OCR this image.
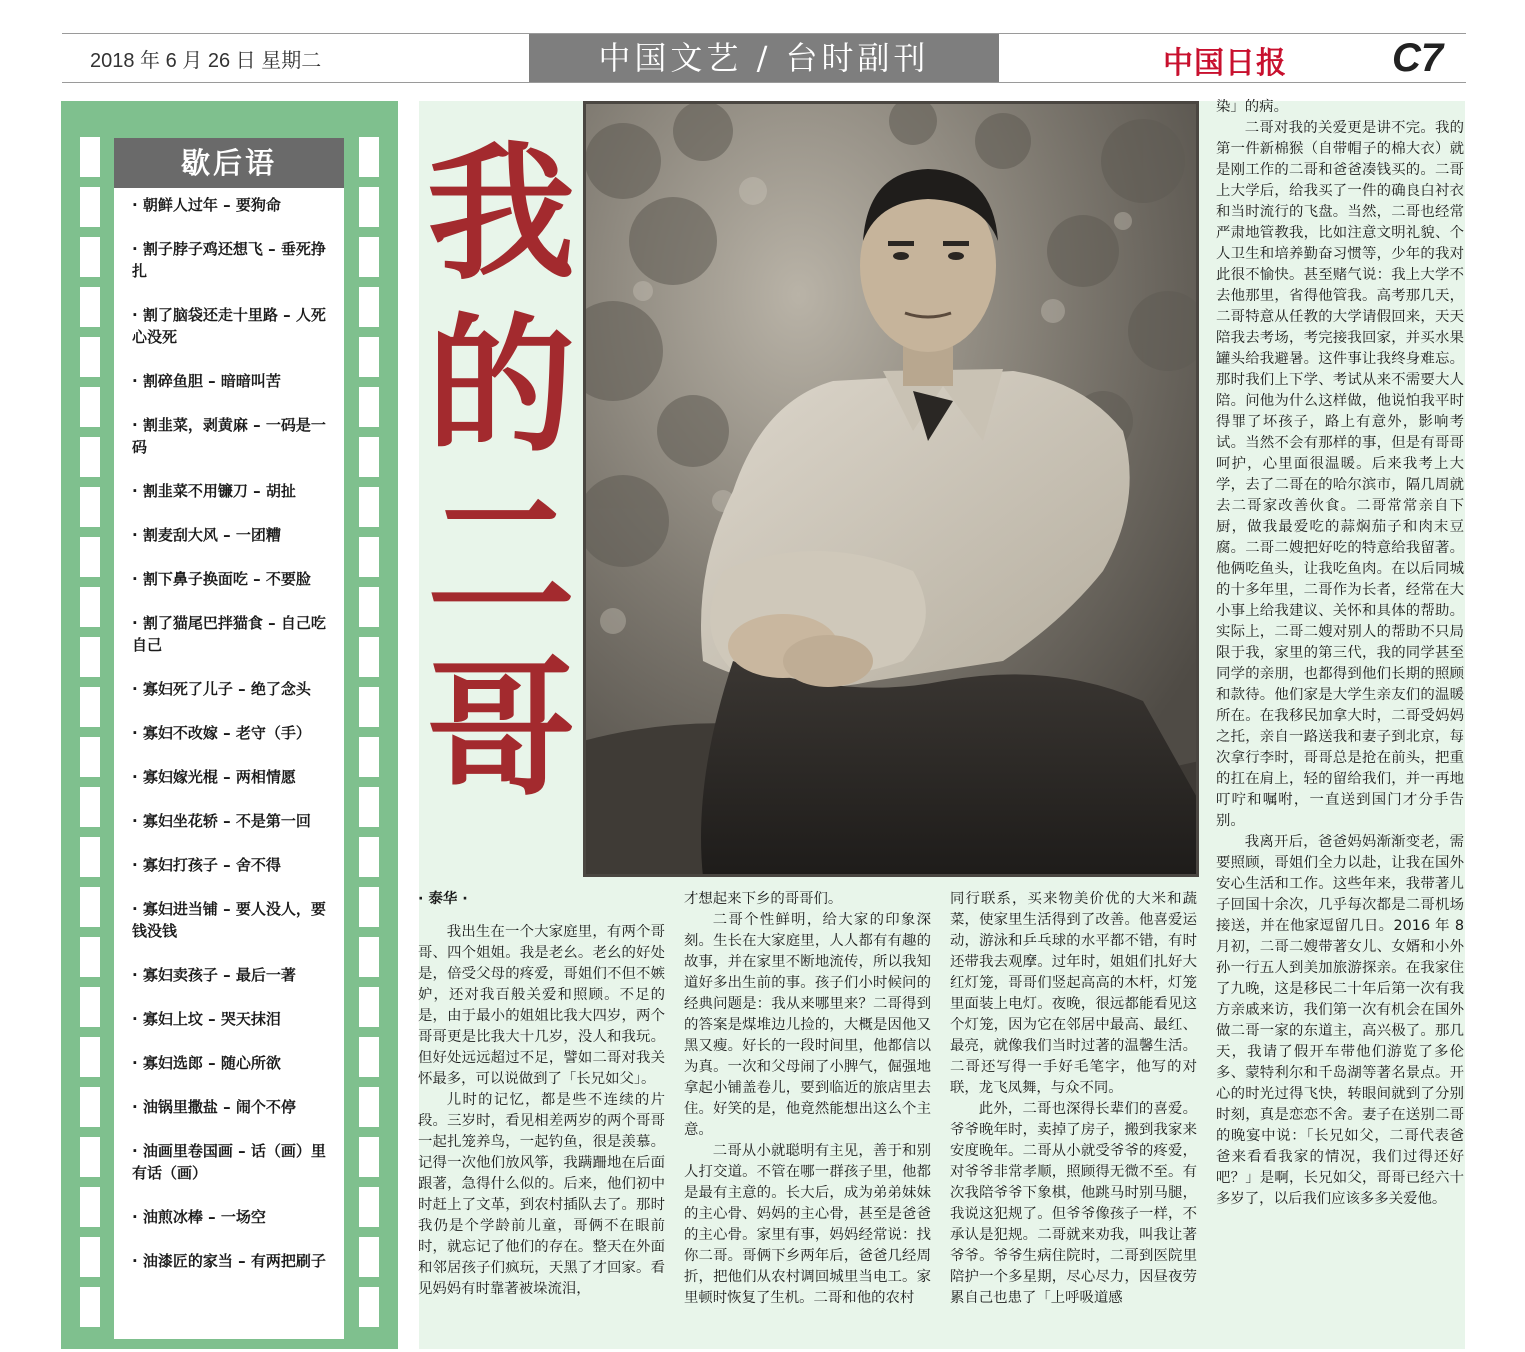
2018 年 6 月 26 日 星期二	中国文艺 / 台时副刊	中国日报	C7
歇后语
· 朝鲜人过年 – 要狗命
· 割子脖子鸡还想飞 – 垂死挣扎
· 割了脑袋还走十里路 – 人死心没死
· 割碎鱼胆 – 暗暗叫苦
· 割韭菜，剥黄麻 – 一码是一码
· 割韭菜不用镰刀 – 胡扯
· 割麦刮大风 – 一团糟
· 割下鼻子换面吃 – 不要脸
· 割了猫尾巴拌猫食 – 自己吃自己
· 寡妇死了儿子 – 绝了念头
· 寡妇不改嫁 – 老守（手）
· 寡妇嫁光棍 – 两相情愿
· 寡妇坐花轿 – 不是第一回
· 寡妇打孩子 – 舍不得
· 寡妇进当铺 – 要人没人，要钱没钱
· 寡妇卖孩子 – 最后一著
· 寡妇上坟 – 哭天抹泪
· 寡妇选郎 – 随心所欲
· 油锅里撒盐 – 闹个不停
· 油画里卷国画 – 话（画）里有话（画）
· 油煎冰棒 – 一场空
· 油漆匠的家当 – 有两把刷子
我
的
二
哥

· 泰华 ·

我出生在一个大家庭里，有两个哥哥、四个姐姐。我是老幺。老幺的好处是，倍受父母的疼爱，哥姐们不但不嫉妒，还对我百般关爱和照顾。不足的是，由于最小的姐姐比我大四岁，两个哥哥更是比我大十几岁，没人和我玩。但好处远远超过不足，譬如二哥对我关怀最多，可以说做到了「长兄如父」。

儿时的记忆，都是些不连续的片段。三岁时，看见相差两岁的两个哥哥一起扎笼养鸟，一起钓鱼，很是羡慕。记得一次他们放风筝，我蹒跚地在后面跟著，急得什么似的。后来，他们初中时赶上了文革，到农村插队去了。那时我仍是个学龄前儿童，哥俩不在眼前时，就忘记了他们的存在。整天在外面和邻居孩子们疯玩，天黑了才回家。看见妈妈有时靠著被垛流泪，

才想起来下乡的哥哥们。

二哥个性鲜明，给大家的印象深刻。生长在大家庭里，人人都有有趣的故事，并在家里不断地流传，所以我知道好多出生前的事。孩子们小时候问的经典问题是：我从来哪里来？二哥得到的答案是煤堆边儿捡的，大概是因他又黑又瘦。好长的一段时间里，他都信以为真。一次和父母闹了小脾气，倔强地拿起小铺盖卷儿，要到临近的旅店里去住。好笑的是，他竟然能想出这么个主意。

二哥从小就聪明有主见，善于和别人打交道。不管在哪一群孩子里，他都是最有主意的。长大后，成为弟弟妹妹的主心骨、妈妈的主心骨，甚至是爸爸的主心骨。家里有事，妈妈经常说：找你二哥。哥俩下乡两年后，爸爸几经周折，把他们从农村调回城里当电工。家里顿时恢复了生机。二哥和他的农村

同行联系，买来物美价优的大米和蔬菜，使家里生活得到了改善。他喜爱运动，游泳和乒乓球的水平都不错，有时还带我去观摩。过年时，姐姐们扎好大红灯笼，哥哥们竖起高高的木杆，灯笼里面装上电灯。夜晚，很远都能看见这个灯笼，因为它在邻居中最高、最红、最亮，就像我们当时过著的温馨生活。二哥还写得一手好毛笔字，他写的对联，龙飞凤舞，与众不同。

此外，二哥也深得长辈们的喜爱。爷爷晚年时，卖掉了房子，搬到我家来安度晚年。二哥从小就受爷爷的疼爱，对爷爷非常孝顺，照顾得无微不至。有次我陪爷爷下象棋，他跳马时别马腿，我说这犯规了。但爷爷像孩子一样，不承认是犯规。二哥就来劝我，叫我让著爷爷。爷爷生病住院时，二哥到医院里陪护一个多星期，尽心尽力，因昼夜劳累自己也患了「上呼吸道感

染」的病。

二哥对我的关爱更是讲不完。我的第一件新棉猴（自带帽子的棉大衣）就是刚工作的二哥和爸爸凑钱买的。二哥上大学后，给我买了一件的确良白衬衣和当时流行的飞盘。当然，二哥也经常严肃地管教我，比如注意文明礼貌、个人卫生和培养勤奋习惯等，少年的我对此很不愉快。甚至赌气说：我上大学不去他那里，省得他管我。高考那几天，二哥特意从任教的大学请假回来，天天陪我去考场，考完接我回家，并买水果罐头给我避暑。这件事让我终身难忘。那时我们上下学、考试从来不需要大人陪。问他为什么这样做，他说怕我平时得罪了坏孩子，路上有意外，影响考试。当然不会有那样的事，但是有哥哥呵护，心里面很温暖。后来我考上大学，去了二哥在的哈尔滨市，隔几周就去二哥家改善伙食。二哥常常亲自下厨，做我最爱吃的蒜焖茄子和肉末豆腐。二哥二嫂把好吃的特意给我留著。他俩吃鱼头，让我吃鱼肉。在以后同城的十多年里，二哥作为长者，经常在大小事上给我建议、关怀和具体的帮助。实际上，二哥二嫂对别人的帮助不只局限于我，家里的第三代，我的同学甚至同学的亲朋，也都得到他们长期的照顾和款待。他们家是大学生亲友们的温暖所在。在我移民加拿大时，二哥受妈妈之托，亲自一路送我和妻子到北京，每次拿行李时，哥哥总是抢在前头，把重的扛在肩上，轻的留给我们，并一再地叮咛和嘱咐，一直送到国门才分手告别。

我离开后，爸爸妈妈渐渐变老，需要照顾，哥姐们全力以赴，让我在国外安心生活和工作。这些年来，我带著儿子回国十余次，几乎每次都是二哥机场接送，并在他家逗留几日。2016 年 8 月初，二哥二嫂带著女儿、女婿和小外孙一行五人到美加旅游探亲。在我家住了九晚，这是移民二十年后第一次有我方亲戚来访，我们第一次有机会在国外做二哥一家的东道主，高兴极了。那几天，我请了假开车带他们游览了多伦多、蒙特利尔和千岛湖等著名景点。开心的时光过得飞快，转眼间就到了分别时刻，真是恋恋不舍。妻子在送别二哥的晚宴中说：「长兄如父，二哥代表爸爸来看看我家的情况，我们过得还好吧？」是啊，长兄如父，哥哥已经六十多岁了，以后我们应该多多关爱他。
